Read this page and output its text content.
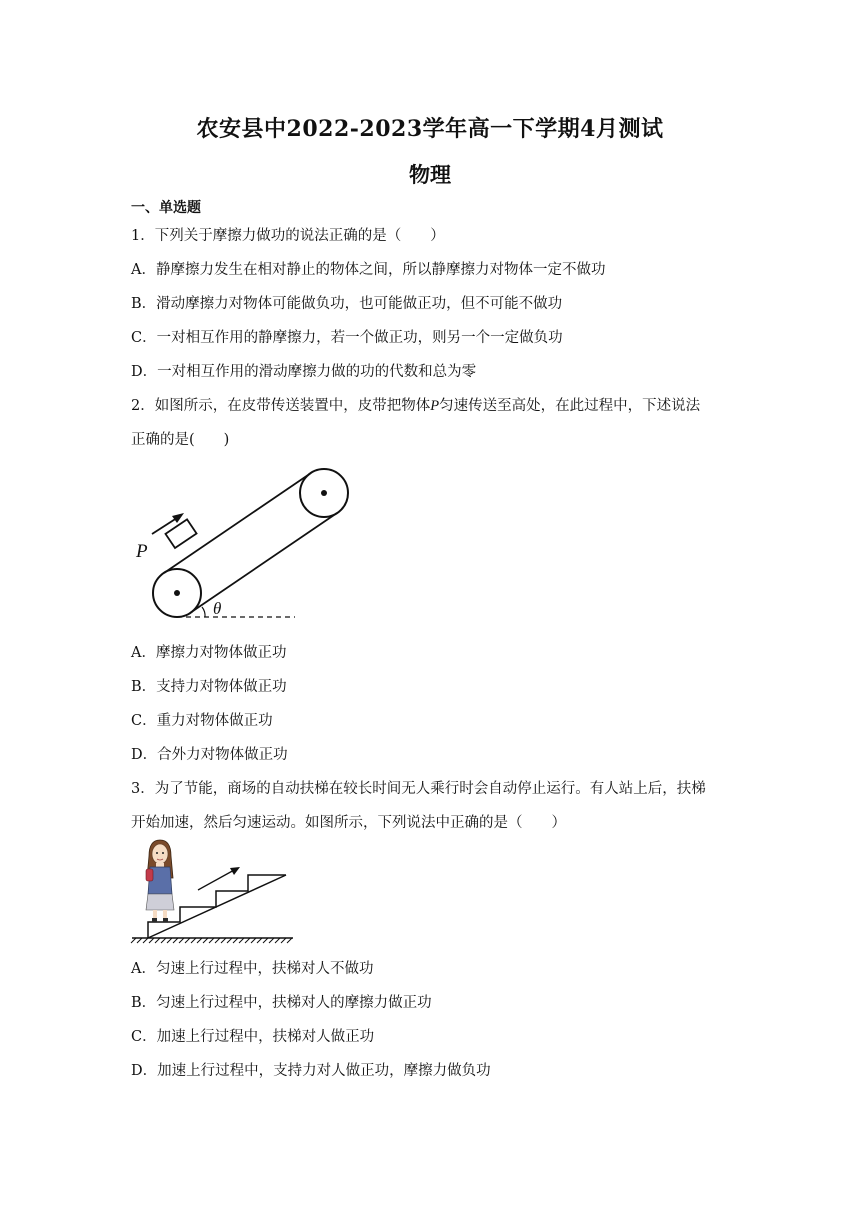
农安县中2022-2023学年高一下学期4月测试
物理
一、单选题
1．下列关于摩擦力做功的说法正确的是（　　）
A．静摩擦力发生在相对静止的物体之间，所以静摩擦力对物体一定不做功
B．滑动摩擦力对物体可能做负功，也可能做正功，但不可能不做功
C．一对相互作用的静摩擦力，若一个做正功，则另一个一定做负功
D．一对相互作用的滑动摩擦力做的功的代数和总为零
2．如图所示，在皮带传送装置中，皮带把物体P匀速传送至高处，在此过程中，下述说法
正确的是(　　)
P
θ
A．摩擦力对物体做正功
B．支持力对物体做正功
C．重力对物体做正功
D．合外力对物体做正功
3．为了节能，商场的自动扶梯在较长时间无人乘行时会自动停止运行。有人站上后，扶梯
开始加速，然后匀速运动。如图所示，下列说法中正确的是（　　）
A．匀速上行过程中，扶梯对人不做功
B．匀速上行过程中，扶梯对人的摩擦力做正功
C．加速上行过程中，扶梯对人做正功
D．加速上行过程中，支持力对人做正功，摩擦力做负功
